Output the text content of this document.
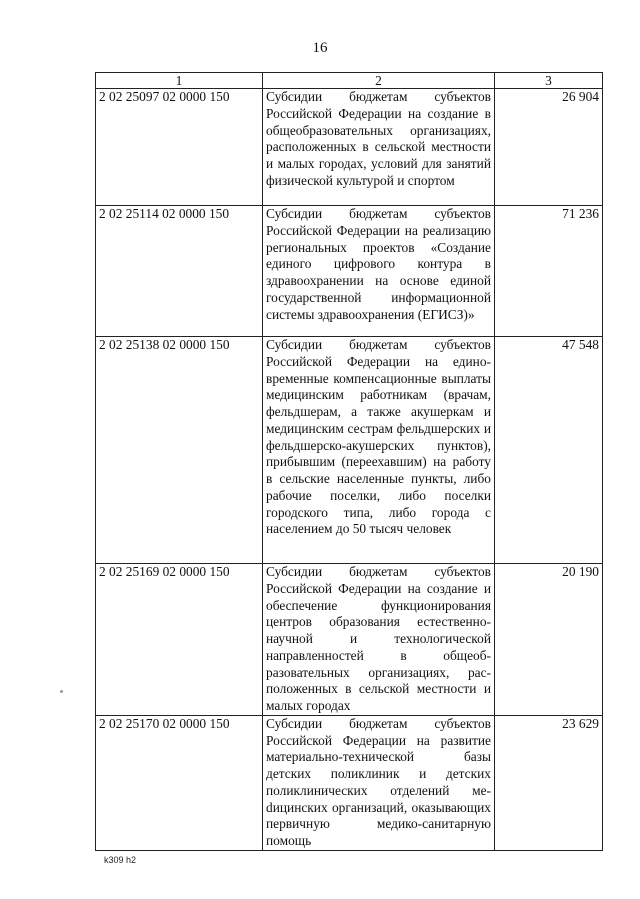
16
1	2	3
2 02 25097 02 0000 150	Субсидии бюджетам субъектов Российской Федерации на создание в общеобразовательных организациях, расположенных в сельской местности и малых городах, условий для занятий физической культурой и спортом	26 904
2 02 25114 02 0000 150	Субсидии бюджетам субъектов Российской Федерации на реализацию региональных проектов «Создание единого цифрового контура в здравоохранении на основе единой государственной информационной системы здравоохранения (ЕГИСЗ)»	71 236
2 02 25138 02 0000 150	Субсидии бюджетам субъектов Российской Федерации на единовременные компенсационные выплаты медицинским работникам (врачам, фельдшерам, а также акушеркам и медицинским сестрам фельдшерских и фельдшерско-акушерских пунктов), прибывшим (переехавшим) на работу в сельские населенные пункты, либо рабочие поселки, либо поселки городского типа, либо города с населением до 50 тысяч человек	47 548
2 02 25169 02 0000 150	Субсидии бюджетам субъектов Российской Федерации на создание и обеспечение функционирования центров образования естественно-научной и технологической направленностей в общеобразовательных организациях, расположенных в сельской местности и малых городах	20 190
2 02 25170 02 0000 150	Субсидии бюджетам субъектов Российской Федерации на развитие материально-технической базы детских поликлиник и детских поликлинических отделений меdицинских организаций, оказывающих первичную медико-санитарную помощь	23 629
k309 h2
